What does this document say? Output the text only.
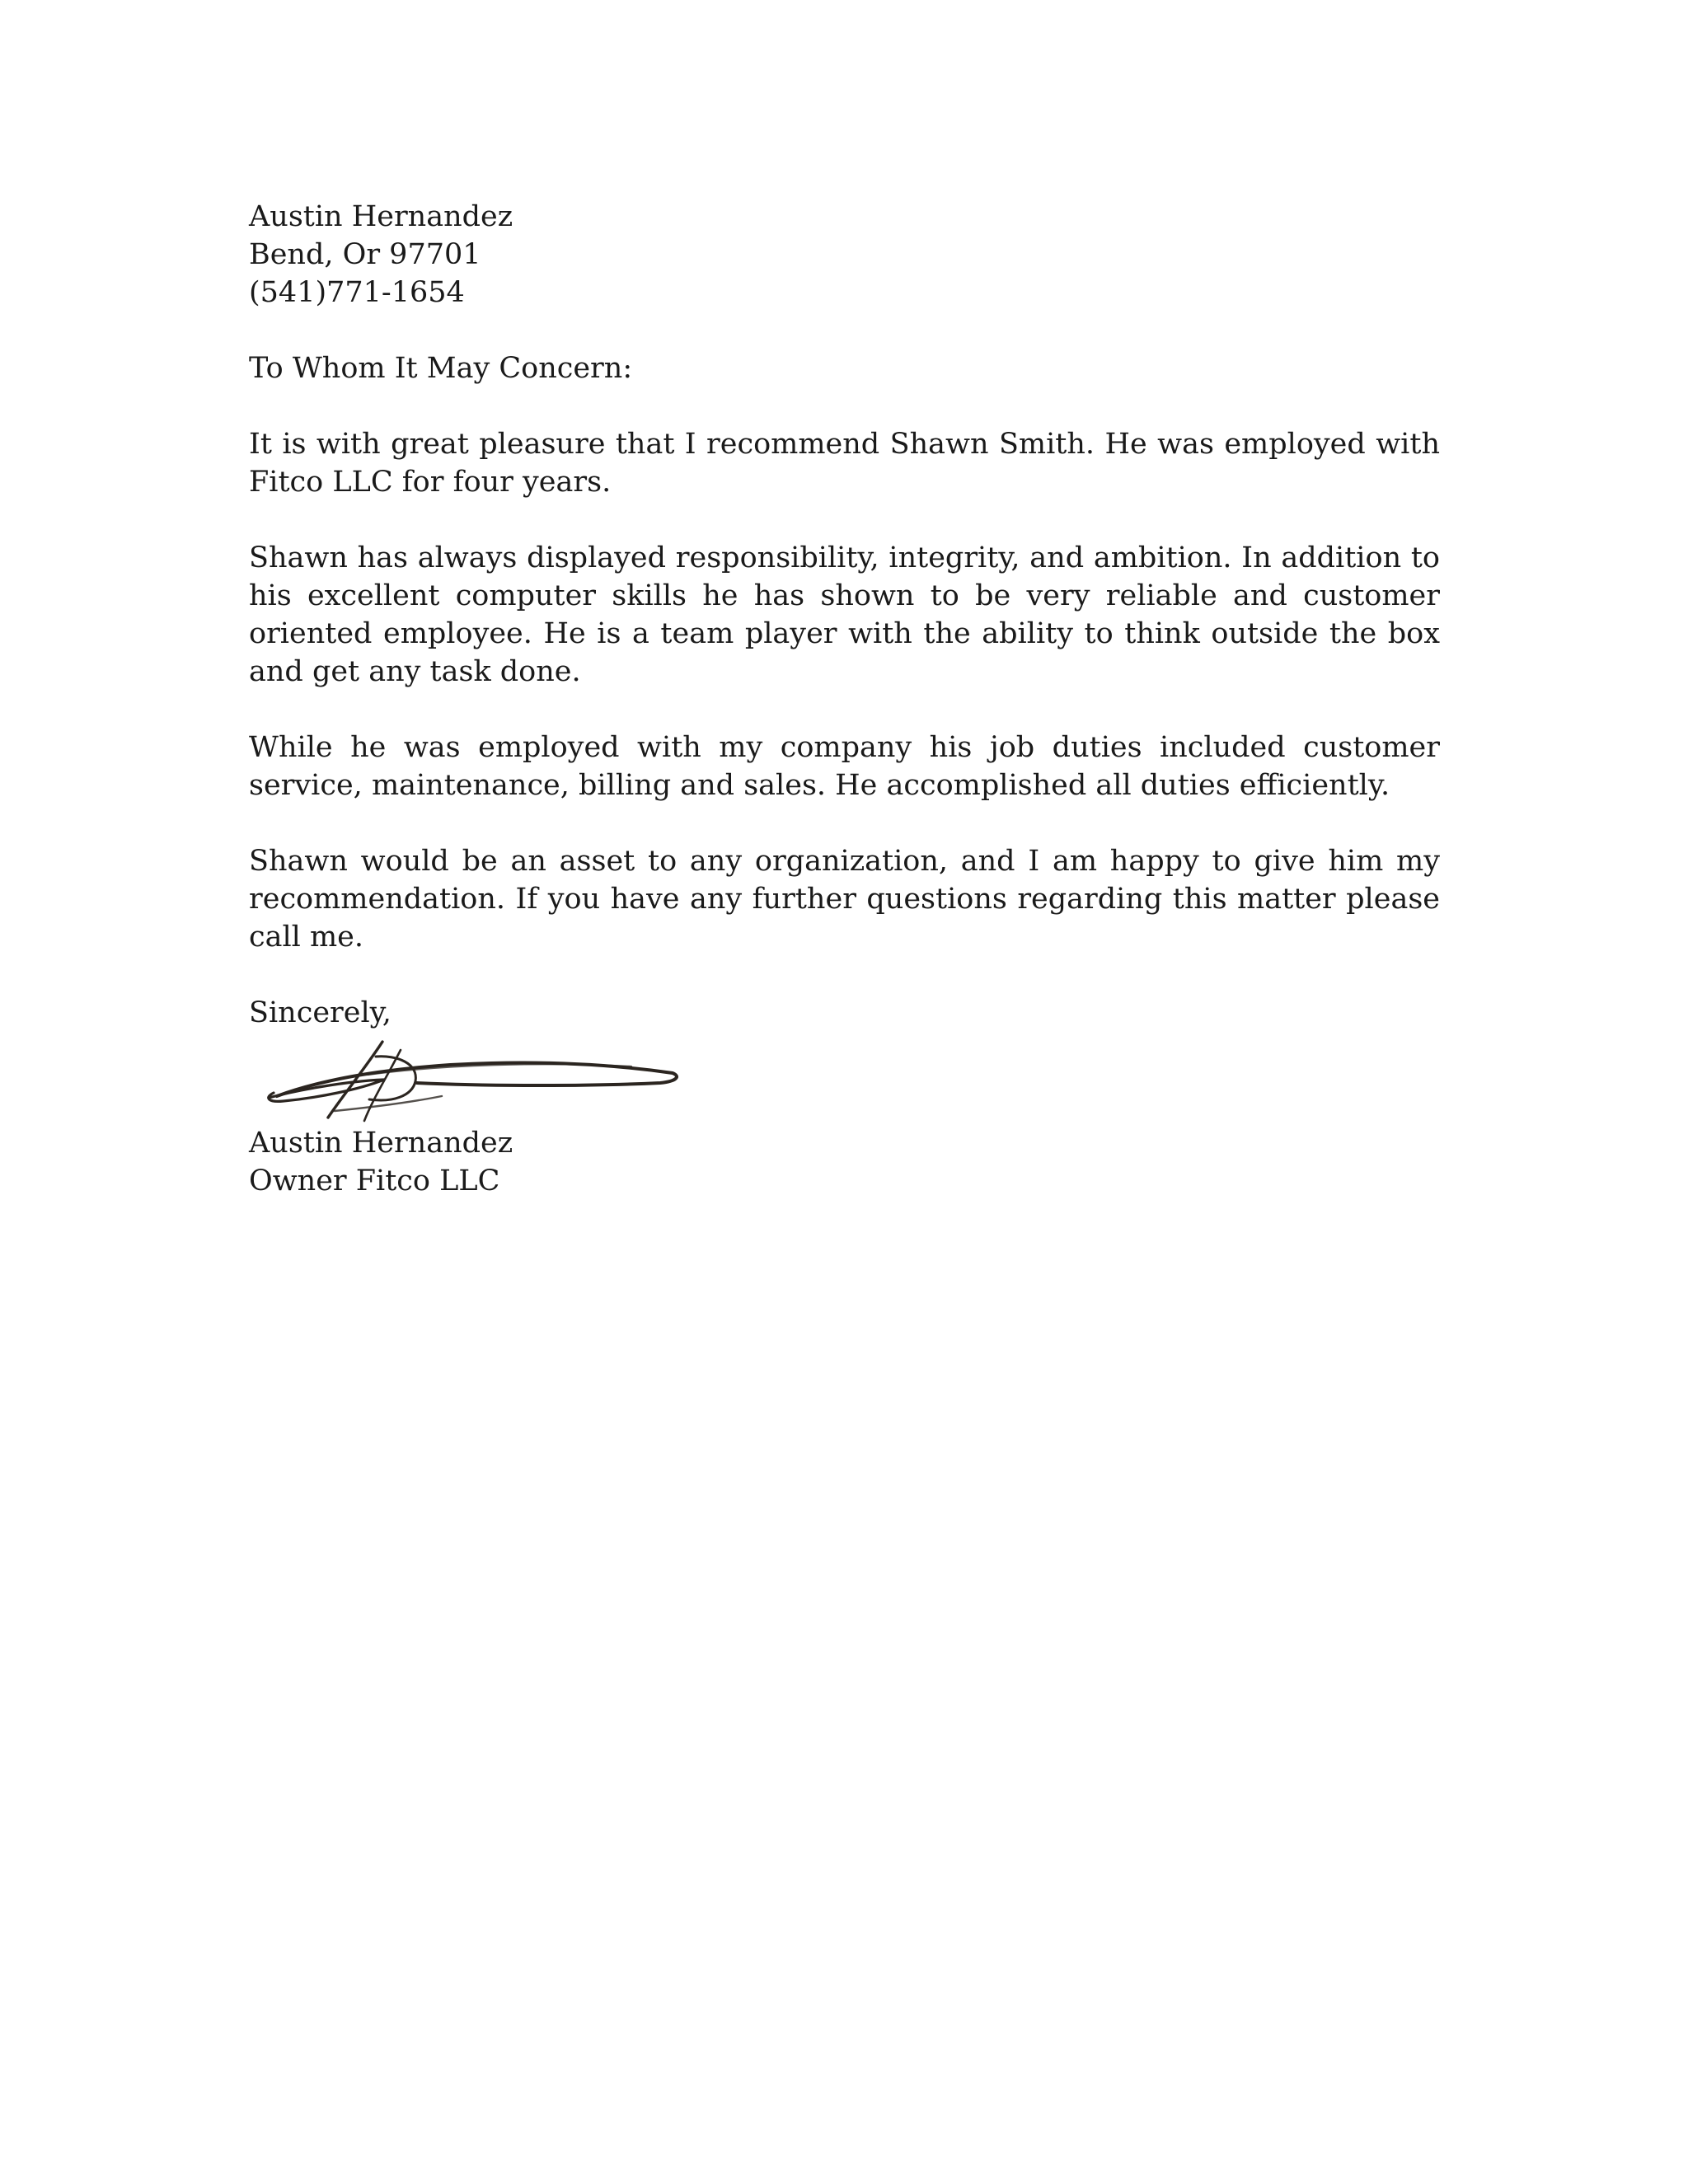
Austin Hernandez
Bend, Or 97701
(541)771-1654
To Whom It May Concern:

It is with great pleasure that I recommend Shawn Smith. He was employed with Fitco LLC for four years.

Shawn has always displayed responsibility, integrity, and ambition. In addition to his excellent computer skills he has shown to be very reliable and customer oriented employee. He is a team player with the ability to think outside the box and get any task done.

While he was employed with my company his job duties included customer service, maintenance, billing and sales. He accomplished all duties efficiently.

Shawn would be an asset to any organization, and I am happy to give him my recommendation. If you have any further questions regarding this matter please call me.

Sincerely,
Austin Hernandez
Owner Fitco LLC
